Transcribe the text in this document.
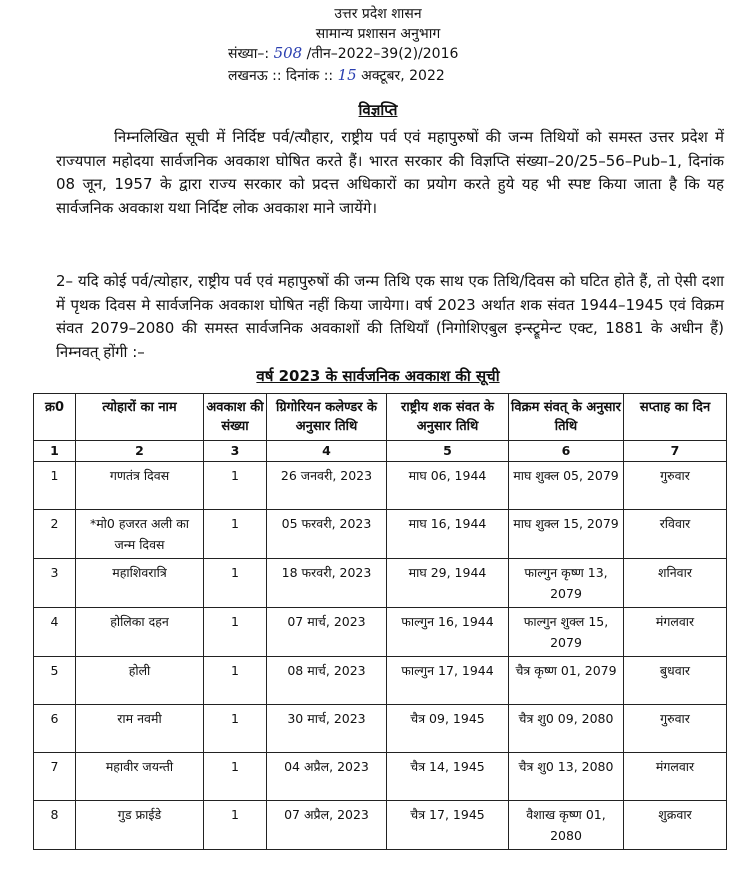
उत्तर प्रदेश शासन
सामान्य प्रशासन अनुभाग
संख्या–: 508 /तीन–2022–39(2)/2016
लखनऊ :: दिनांक :: 15 अक्टूबर, 2022
विज्ञप्ति

निम्नलिखित सूची में निर्दिष्ट पर्व/त्यौहार, राष्ट्रीय पर्व एवं महापुरुषों की जन्म तिथियों को समस्त उत्तर प्रदेश में राज्यपाल महोदया सार्वजनिक अवकाश घोषित करते हैं। भारत सरकार की विज्ञप्ति संख्या–20/25–56–Pub–1, दिनांक 08 जून, 1957 के द्वारा राज्य सरकार को प्रदत्त अधिकारों का प्रयोग करते हुये यह भी स्पष्ट किया जाता है कि यह सार्वजनिक अवकाश यथा निर्दिष्ट लोक अवकाश माने जायेंगे।

2– यदि कोई पर्व/त्योहार, राष्ट्रीय पर्व एवं महापुरुषों की जन्म तिथि एक साथ एक तिथि/दिवस को घटित होते हैं, तो ऐसी दशा में पृथक दिवस मे सार्वजनिक अवकाश घोषित नहीं किया जायेगा। वर्ष 2023 अर्थात शक संवत 1944–1945 एवं विक्रम संवत 2079–2080 की समस्त सार्वजनिक अवकाशों की तिथियाँ (निगोशिएबुल इन्स्ट्रूमेन्ट एक्ट, 1881 के अधीन हैं) निम्नवत् होंगी :–

वर्ष 2023 के सार्वजनिक अवकाश की सूची
क्र0	त्योहारों का नाम	अवकाश की संख्या	ग्रिगोरियन कलेण्डर के अनुसार तिथि	राष्ट्रीय शक संवत के अनुसार तिथि	विक्रम संवत् के अनुसार तिथि	सप्ताह का दिन
1	2	3	4	5	6	7
1	गणतंत्र दिवस	1	26 जनवरी, 2023	माघ 06, 1944	माघ शुक्ल 05, 2079	गुरुवार
2	*मो0 हजरत अली का जन्म दिवस	1	05 फरवरी, 2023	माघ 16, 1944	माघ शुक्ल 15, 2079	रविवार
3	महाशिवरात्रि	1	18 फरवरी, 2023	माघ 29, 1944	फाल्गुन कृष्ण 13, 2079	शनिवार
4	होलिका दहन	1	07 मार्च, 2023	फाल्गुन 16, 1944	फाल्गुन शुक्ल 15, 2079	मंगलवार
5	होली	1	08 मार्च, 2023	फाल्गुन 17, 1944	चैत्र कृष्ण 01, 2079	बुधवार
6	राम नवमी	1	30 मार्च, 2023	चैत्र 09, 1945	चैत्र शु0 09, 2080	गुरुवार
7	महावीर जयन्ती	1	04 अप्रैल, 2023	चैत्र 14, 1945	चैत्र शु0 13, 2080	मंगलवार
8	गुड फ्राईडे	1	07 अप्रैल, 2023	चैत्र 17, 1945	वैशाख कृष्ण 01, 2080	शुक्रवार
